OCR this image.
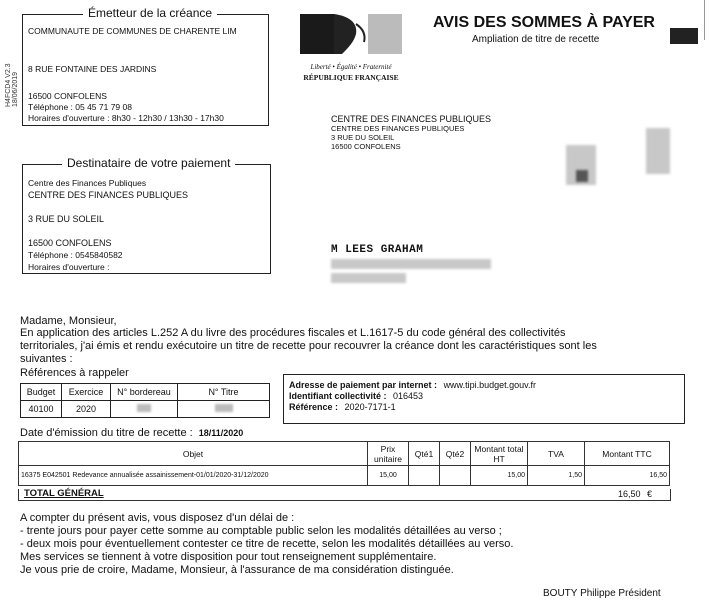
H4FCD4 V2.3 18/06/2019
Émetteur de la créance
COMMUNAUTE DE COMMUNES DE CHARENTE LIM
8 RUE FONTAINE DES JARDINS
16500 CONFOLENS
Téléphone : 05 45 71 79 08
Horaires d'ouverture : 8h30 - 12h30 / 13h30 - 17h30
Liberté • Égalité • Fraternité
RÉPUBLIQUE FRANÇAISE
AVIS DES SOMMES À PAYER
Ampliation de titre de recette
CENTRE DES FINANCES PUBLIQUES
CENTRE DES FINANCES PUBLIQUES
3 RUE DU SOLEIL
16500 CONFOLENS
Destinataire de votre paiement
Centre des Finances Publiques
CENTRE DES FINANCES PUBLIQUES
3 RUE DU SOLEIL
16500 CONFOLENS
Téléphone : 0545840582
Horaires d'ouverture :
M LEES GRAHAM
Madame, Monsieur,
En application des articles L.252 A du livre des procédures fiscales et L.1617-5 du code général des collectivités
territoriales, j'ai émis et rendu exécutoire un titre de recette pour recouvrer la créance dont les caractéristiques sont les
suivantes :
Références à rappeler
Budget	Exercice	N° bordereau	N° Titre
40100	2020		
Adresse de paiement par internet : www.tipi.budget.gouv.fr
Identifiant collectivité : 016453
Référence : 2020-7171-1
Date d'émission du titre de recette : 18/11/2020
Objet	Prix unitaire	Qté1	Qté2	Montant total HT	TVA	Montant TTC
16375 E042501 Redevance annualisée assainissement-01/01/2020-31/12/2020	15,00			15,00	1,50	16,50
TOTAL GÉNÉRAL	16,50 €
A compter du présent avis, vous disposez d'un délai de :
- trente jours pour payer cette somme au comptable public selon les modalités détaillées au verso ;
- deux mois pour éventuellement contester ce titre de recette, selon les modalités détaillées au verso.
Mes services se tiennent à votre disposition pour tout renseignement supplémentaire.
Je vous prie de croire, Madame, Monsieur, à l'assurance de ma considération distinguée.
BOUTY Philippe Président
